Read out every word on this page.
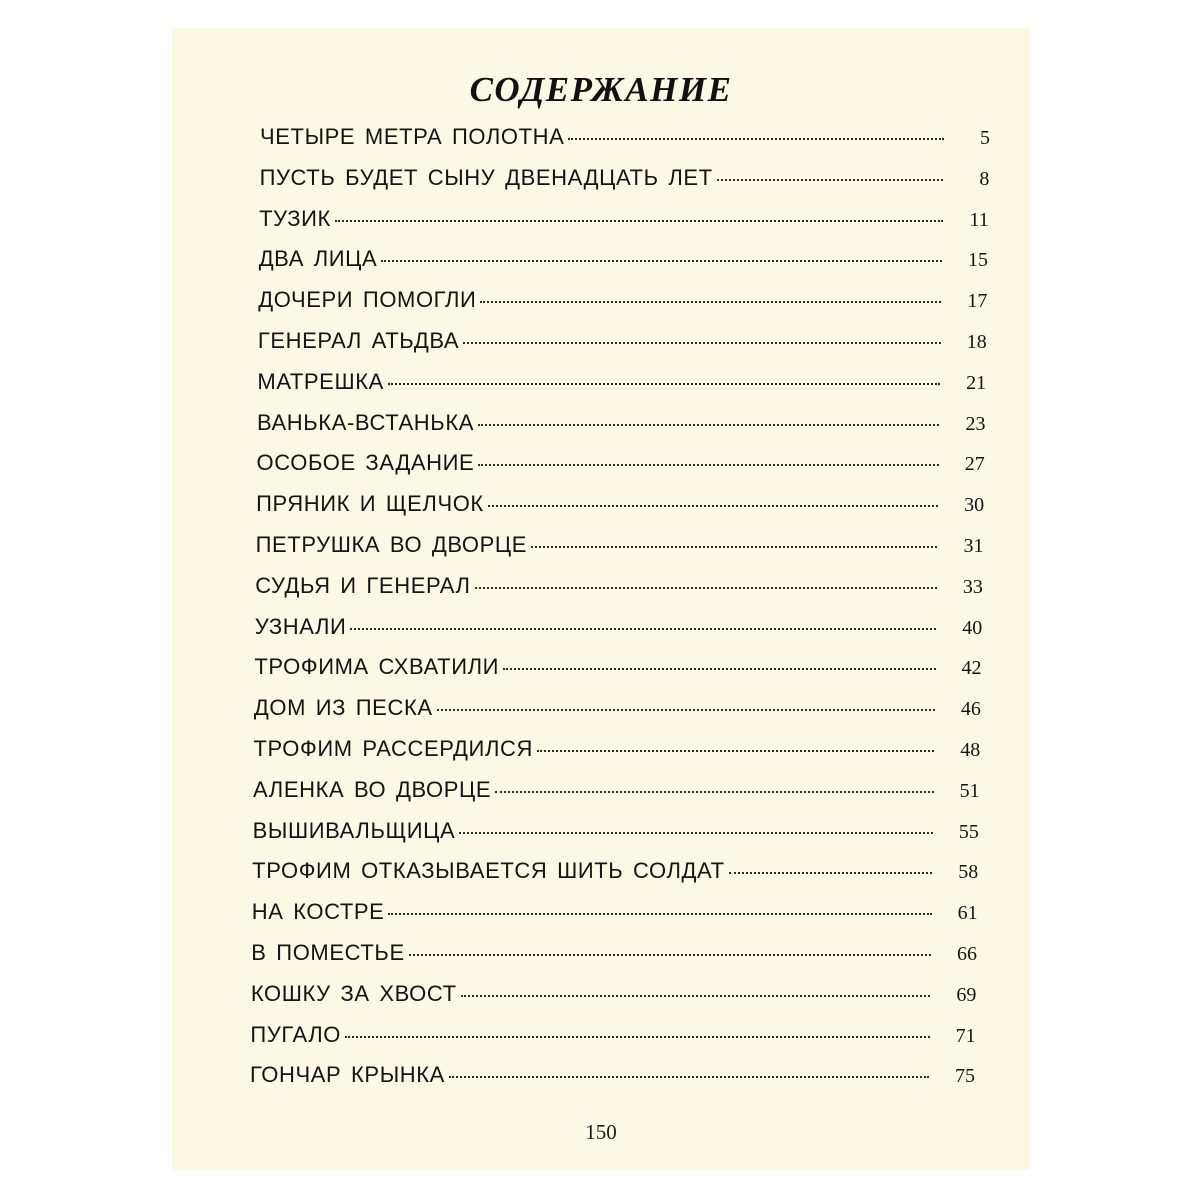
СОДЕРЖАНИЕ
ЧЕТЫРЕ МЕТРА ПОЛОТНА	5
ПУСТЬ БУДЕТ СЫНУ ДВЕНАДЦАТЬ ЛЕТ	8
ТУЗИК	11
ДВА ЛИЦА	15
ДОЧЕРИ ПОМОГЛИ	17
ГЕНЕРАЛ АТЬДВА	18
МАТРЕШКА	21
ВАНЬКА-ВСТАНЬКА	23
ОСОБОЕ ЗАДАНИЕ	27
ПРЯНИК И ЩЕЛЧОК	30
ПЕТРУШКА ВО ДВОРЦЕ	31
СУДЬЯ И ГЕНЕРАЛ	33
УЗНАЛИ	40
ТРОФИМА СХВАТИЛИ	42
ДОМ ИЗ ПЕСКА	46
ТРОФИМ РАССЕРДИЛСЯ	48
АЛЕНКА ВО ДВОРЦЕ	51
ВЫШИВАЛЬЩИЦА	55
ТРОФИМ ОТКАЗЫВАЕТСЯ ШИТЬ СОЛДАТ	58
НА КОСТРЕ	61
В ПОМЕСТЬЕ	66
КОШКУ ЗА ХВОСТ	69
ПУГАЛО	71
ГОНЧАР КРЫНКА	75
150
